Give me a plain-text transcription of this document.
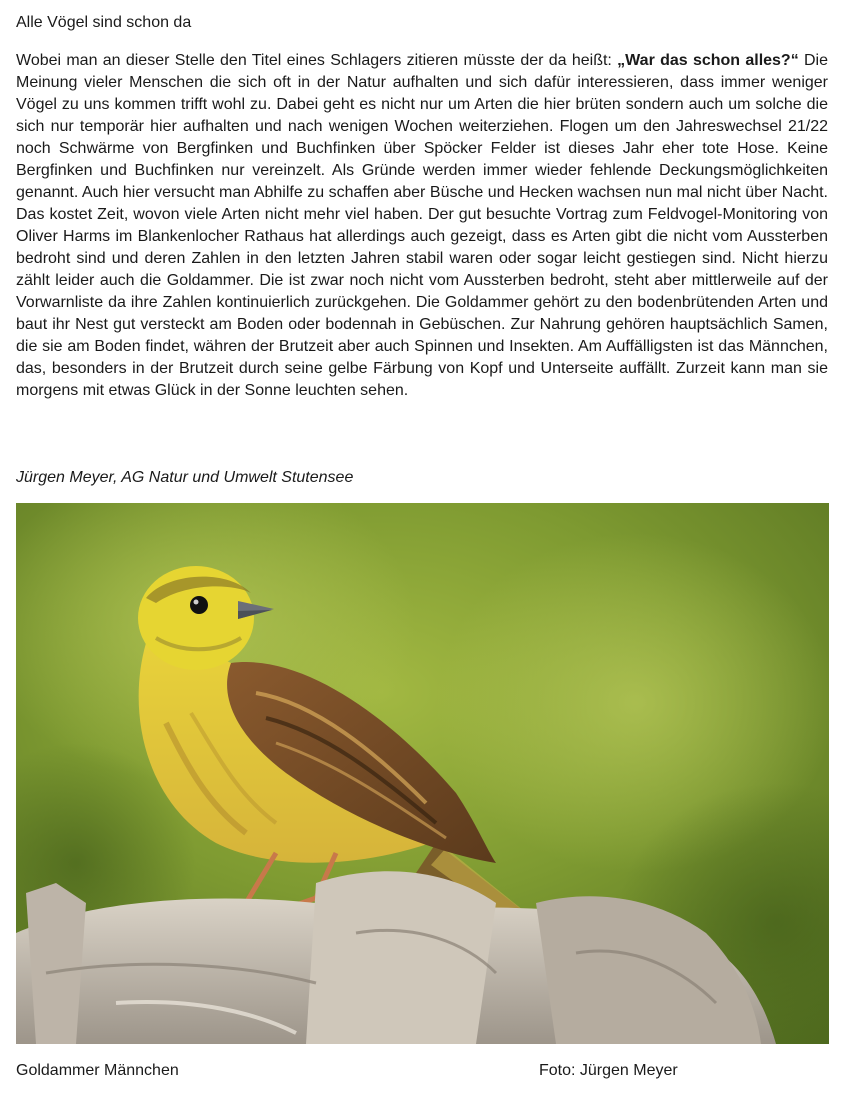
Alle Vögel sind schon da

Wobei man an dieser Stelle den Titel eines Schlagers zitieren müsste der da heißt: „War das schon alles?“ Die Meinung vieler Menschen die sich oft in der Natur aufhalten und sich dafür interessieren, dass immer weniger Vögel zu uns kommen trifft wohl zu. Dabei geht es nicht nur um Arten die hier brüten sondern auch um solche die sich nur temporär hier aufhalten und nach wenigen Wochen weiterziehen. Flogen um den Jahreswechsel 21/22 noch Schwärme von Bergfinken und Buchfinken über Spöcker Felder ist dieses Jahr eher tote Hose. Keine Bergfinken und Buchfinken nur vereinzelt. Als Gründe werden immer wieder fehlende Deckungsmöglichkeiten genannt. Auch hier versucht man Abhilfe zu schaffen aber Büsche und Hecken wachsen nun mal nicht über Nacht. Das kostet Zeit, wovon viele Arten nicht mehr viel haben. Der gut besuchte Vortrag zum Feldvogel-Monitoring von Oliver Harms im Blankenlocher Rathaus hat allerdings auch gezeigt, dass es Arten gibt die nicht vom Aussterben bedroht sind und deren Zahlen in den letzten Jahren stabil waren oder sogar leicht gestiegen sind. Nicht hierzu zählt leider auch die Goldammer. Die ist zwar noch nicht vom Aussterben bedroht, steht aber mittlerweile auf der Vorwarnliste da ihre Zahlen kontinuierlich zurückgehen. Die Goldammer gehört zu den bodenbrütenden Arten und baut ihr Nest gut versteckt am Boden oder bodennah in Gebüschen. Zur Nahrung gehören hauptsächlich Samen, die sie am Boden findet, währen der Brutzeit aber auch Spinnen und Insekten. Am Auffälligsten ist das Männchen, das, besonders in der Brutzeit durch seine gelbe Färbung von Kopf und Unterseite auffällt. Zurzeit kann man sie morgens mit etwas Glück in der Sonne leuchten sehen.

Jürgen Meyer, AG Natur und Umwelt Stutensee

Goldammer Männchen	Foto: Jürgen Meyer
